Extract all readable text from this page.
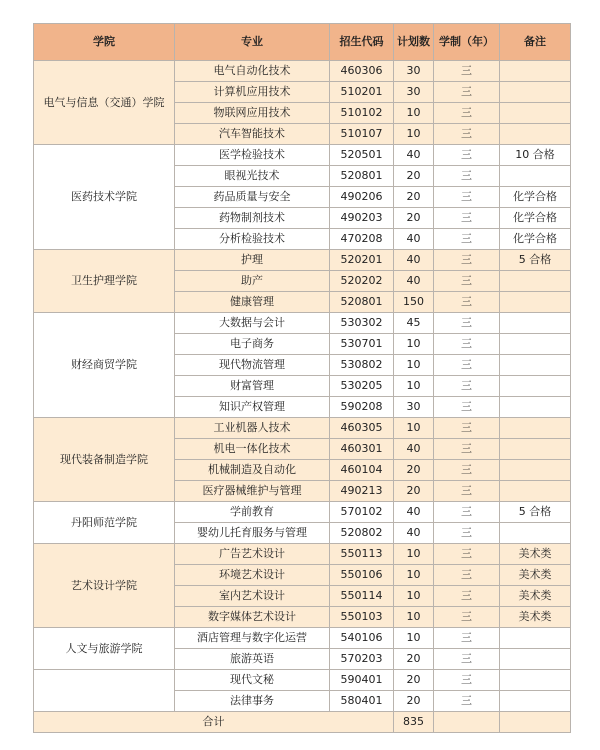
学院	专业	招生代码	计划数	学制（年）	备注
电气与信息（交通）学院	电气自动化技术	460306	30	三	
	计算机应用技术	510201	30	三	
	物联网应用技术	510102	10	三	
	汽车智能技术	510107	10	三	
医药技术学院	医学检验技术	520501	40	三	10 合格
	眼视光技术	520801	20	三	
	药品质量与安全	490206	20	三	化学合格
	药物制剂技术	490203	20	三	化学合格
	分析检验技术	470208	40	三	化学合格
卫生护理学院	护理	520201	40	三	5 合格
	助产	520202	40	三	
	健康管理	520801	150	三	
财经商贸学院	大数据与会计	530302	45	三	
	电子商务	530701	10	三	
	现代物流管理	530802	10	三	
	财富管理	530205	10	三	
	知识产权管理	590208	30	三	
现代装备制造学院	工业机器人技术	460305	10	三	
	机电一体化技术	460301	40	三	
	机械制造及自动化	460104	20	三	
	医疗器械维护与管理	490213	20	三	
丹阳师范学院	学前教育	570102	40	三	5 合格
	婴幼儿托育服务与管理	520802	40	三	
艺术设计学院	广告艺术设计	550113	10	三	美术类
	环境艺术设计	550106	10	三	美术类
	室内艺术设计	550114	10	三	美术类
	数字媒体艺术设计	550103	10	三	美术类
人文与旅游学院	酒店管理与数字化运营	540106	10	三	
	旅游英语	570203	20	三	
	现代文秘	590401	20	三	
	法律事务	580401	20	三	
合计			835		
